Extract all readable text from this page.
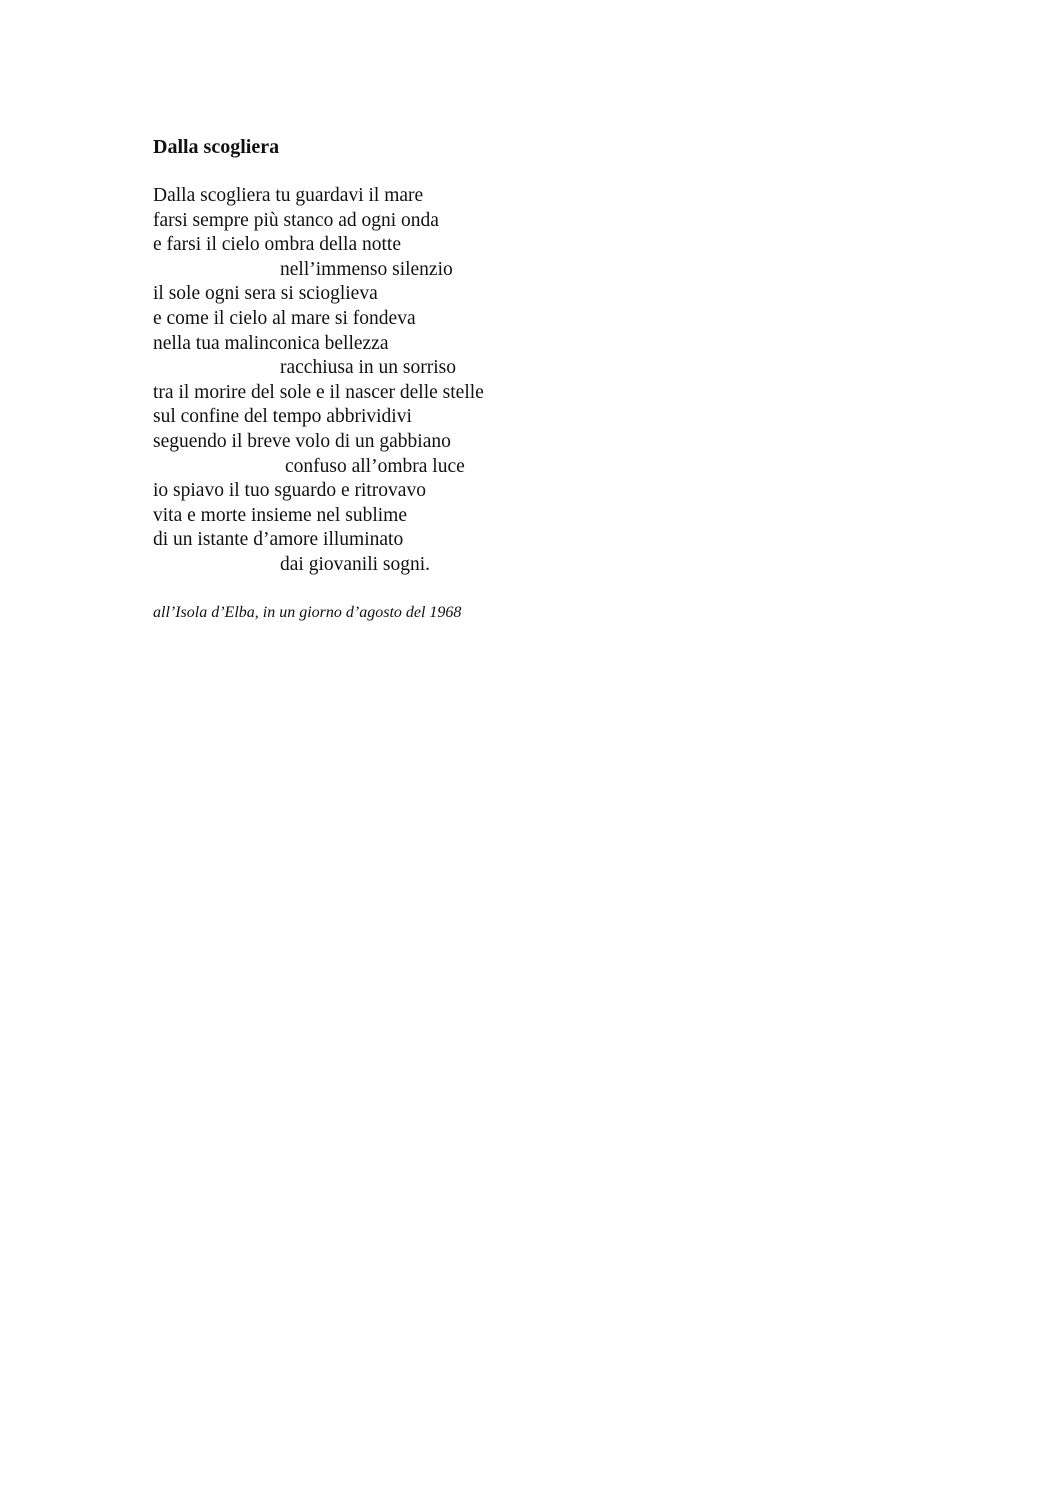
Dalla scogliera
Dalla scogliera tu guardavi il mare
farsi sempre più stanco ad ogni onda
e farsi il cielo ombra della notte
nell’immenso silenzio
il sole ogni sera si scioglieva
e come il cielo al mare si fondeva
nella tua malinconica bellezza
racchiusa in un sorriso
tra il morire del sole e il nascer delle stelle
sul confine del tempo abbrividivi
seguendo il breve volo di un gabbiano
confuso all’ombra luce
io spiavo il tuo sguardo e ritrovavo
vita e morte insieme nel sublime
di un istante d’amore illuminato
dai giovanili sogni.
all’Isola d’Elba, in un giorno d’agosto del 1968
